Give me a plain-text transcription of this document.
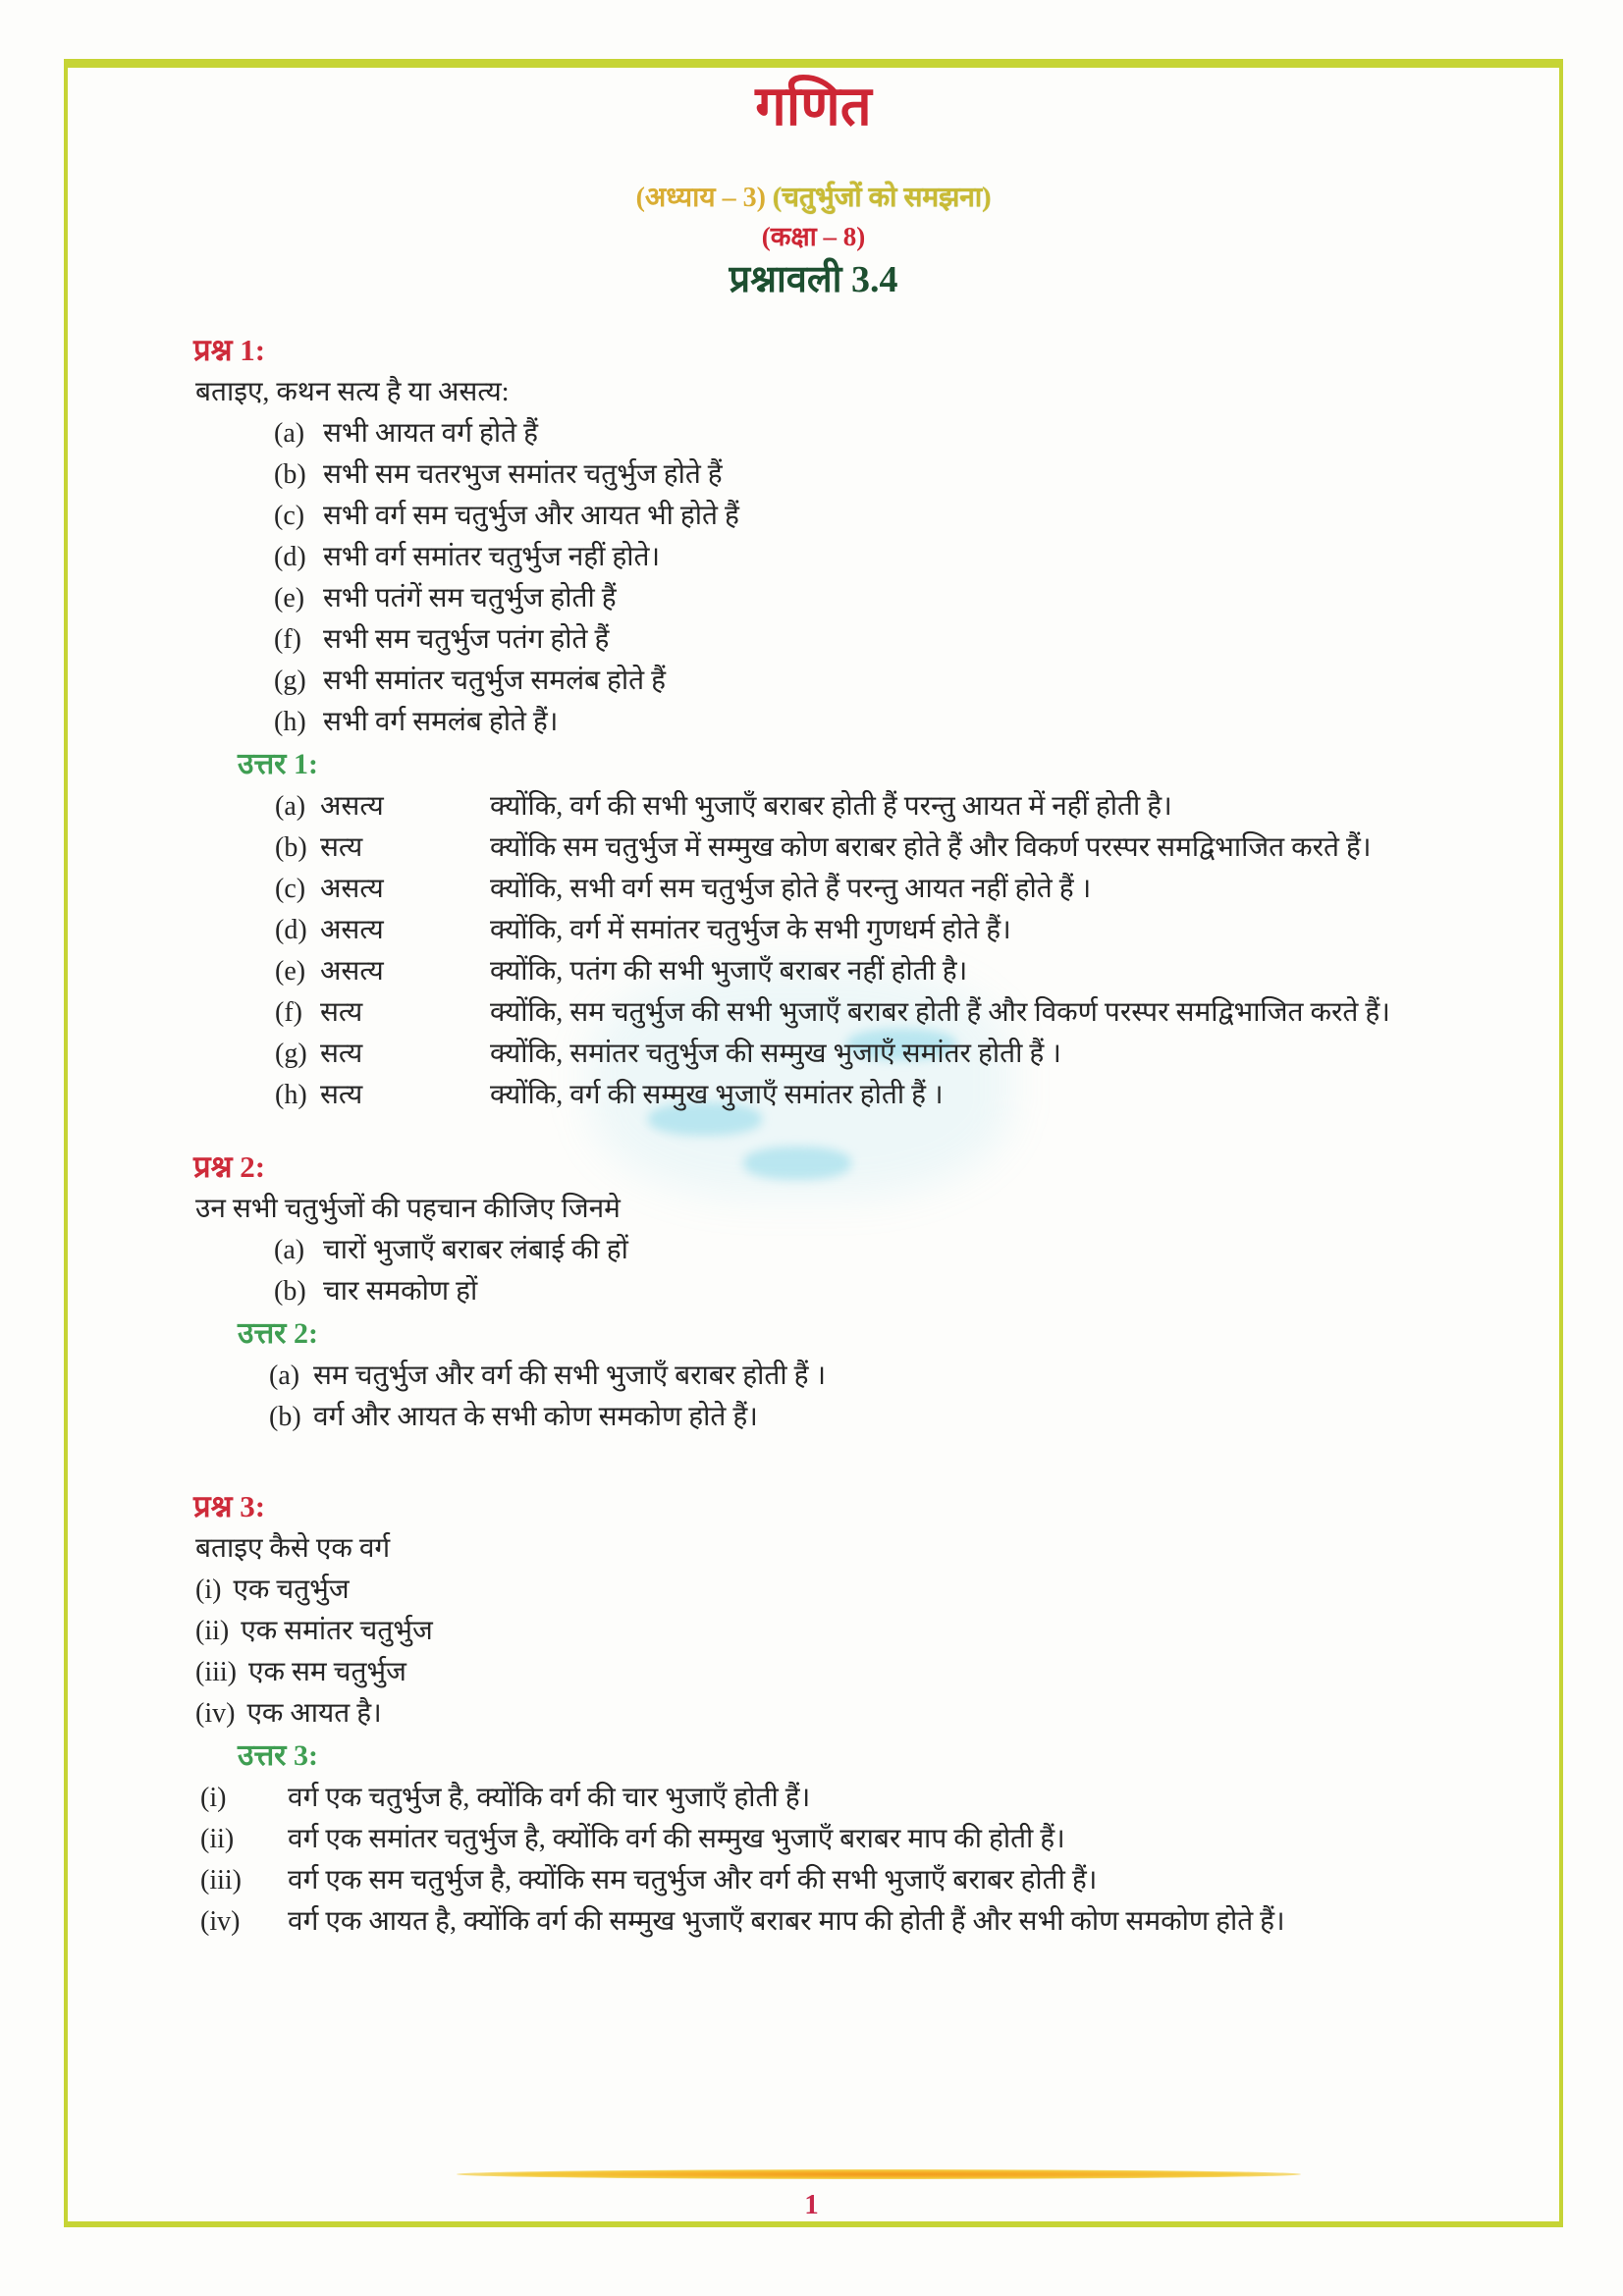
गणित
(अध्याय – 3) (चतुर्भुजों को समझना)
(कक्षा – 8)
प्रश्नावली 3.4
प्रश्न 1:

बताइए, कथन सत्य है या असत्य:

(a) सभी आयत वर्ग होते हैं
(b) सभी सम चतरभुज समांतर चतुर्भुज होते हैं
(c) सभी वर्ग सम चतुर्भुज और आयत भी होते हैं
(d) सभी वर्ग समांतर चतुर्भुज नहीं होते।
(e) सभी पतंगें सम चतुर्भुज होती हैं
(f) सभी सम चतुर्भुज पतंग होते हैं
(g) सभी समांतर चतुर्भुज समलंब होते हैं
(h) सभी वर्ग समलंब होते हैं।
उत्तर 1:
(a) असत्य	क्योंकि, वर्ग की सभी भुजाएँ बराबर होती हैं परन्तु आयत में नहीं होती है।
(b) सत्य	क्योंकि सम चतुर्भुज में सम्मुख कोण बराबर होते हैं और विकर्ण परस्पर समद्विभाजित करते हैं।
(c) असत्य	क्योंकि, सभी वर्ग सम चतुर्भुज होते हैं परन्तु आयत नहीं होते हैं ।
(d) असत्य	क्योंकि, वर्ग में समांतर चतुर्भुज के सभी गुणधर्म होते हैं।
(e) असत्य	क्योंकि, पतंग की सभी भुजाएँ बराबर नहीं होती है।
(f) सत्य	क्योंकि, सम चतुर्भुज की सभी भुजाएँ बराबर होती हैं और विकर्ण परस्पर समद्विभाजित करते हैं।
(g) सत्य	क्योंकि, समांतर चतुर्भुज की सम्मुख भुजाएँ समांतर होती हैं ।
(h) सत्य	क्योंकि, वर्ग की सम्मुख भुजाएँ समांतर होती हैं ।
प्रश्न 2:

उन सभी चतुर्भुजों की पहचान कीजिए जिनमे

(a) चारों भुजाएँ बराबर लंबाई की हों
(b) चार समकोण हों
उत्तर 2:
(a) सम चतुर्भुज और वर्ग की सभी भुजाएँ बराबर होती हैं ।
(b) वर्ग और आयत के सभी कोण समकोण होते हैं।
प्रश्न 3:

बताइए कैसे एक वर्ग

(i) एक चतुर्भुज
(ii) एक समांतर चतुर्भुज
(iii) एक सम चतुर्भुज
(iv) एक आयत है।
उत्तर 3:
(i)	वर्ग एक चतुर्भुज है, क्योंकि वर्ग की चार भुजाएँ होती हैं।
(ii)	वर्ग एक समांतर चतुर्भुज है, क्योंकि वर्ग की सम्मुख भुजाएँ बराबर माप की होती हैं।
(iii)	वर्ग एक सम चतुर्भुज है, क्योंकि सम चतुर्भुज और वर्ग की सभी भुजाएँ बराबर होती हैं।
(iv)	वर्ग एक आयत है, क्योंकि वर्ग की सम्मुख भुजाएँ बराबर माप की होती हैं और सभी कोण समकोण होते हैं।
1
